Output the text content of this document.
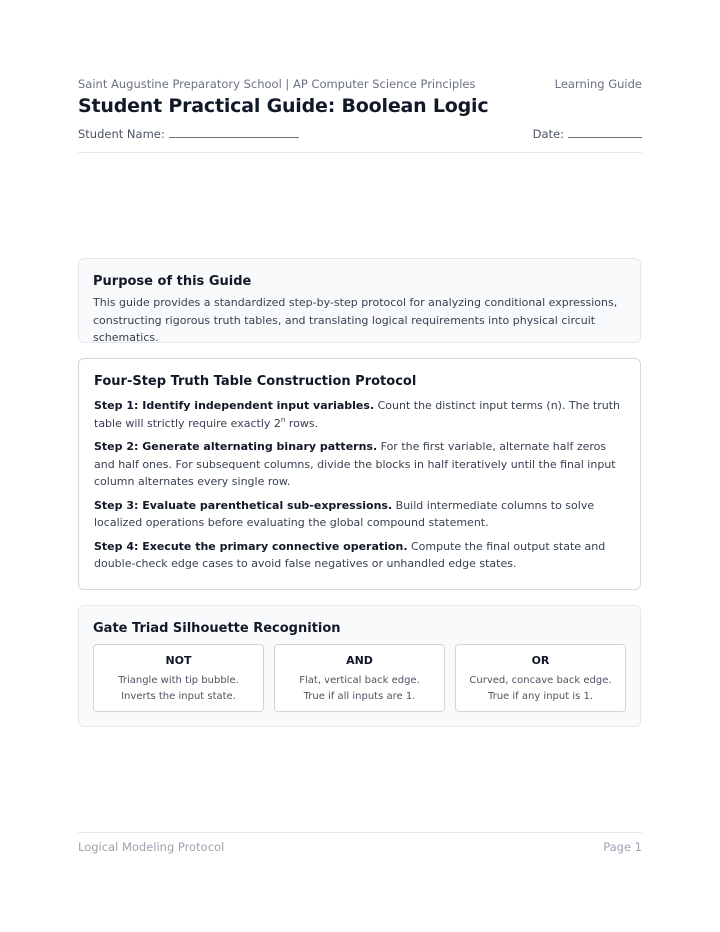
Saint Augustine Preparatory School | AP Computer Science Principles	Learning Guide
Student Practical Guide: Boolean Logic
Student Name:	Date:
Purpose of this Guide

This guide provides a standardized step-by-step protocol for analyzing conditional expressions, constructing rigorous truth tables, and translating logical requirements into physical circuit schematics.

Four-Step Truth Table Construction Protocol

Step 1: Identify independent input variables. Count the distinct input terms (n). The truth table will strictly require exactly 2$^n$ rows.

Step 2: Generate alternating binary patterns. For the first variable, alternate half zeros and half ones. For subsequent columns, divide the blocks in half iteratively until the final input column alternates every single row.

Step 3: Evaluate parenthetical sub-expressions. Build intermediate columns to solve localized operations before evaluating the global compound statement.

Step 4: Execute the primary connective operation. Compute the final output state and double-check edge cases to avoid false negatives or unhandled edge states.

Gate Triad Silhouette Recognition
NOT
Triangle with tip bubble.
Inverts the input state.
AND
Flat, vertical back edge.
True if all inputs are 1.
OR
Curved, concave back edge.
True if any input is 1.
Logical Modeling Protocol	Page 1
